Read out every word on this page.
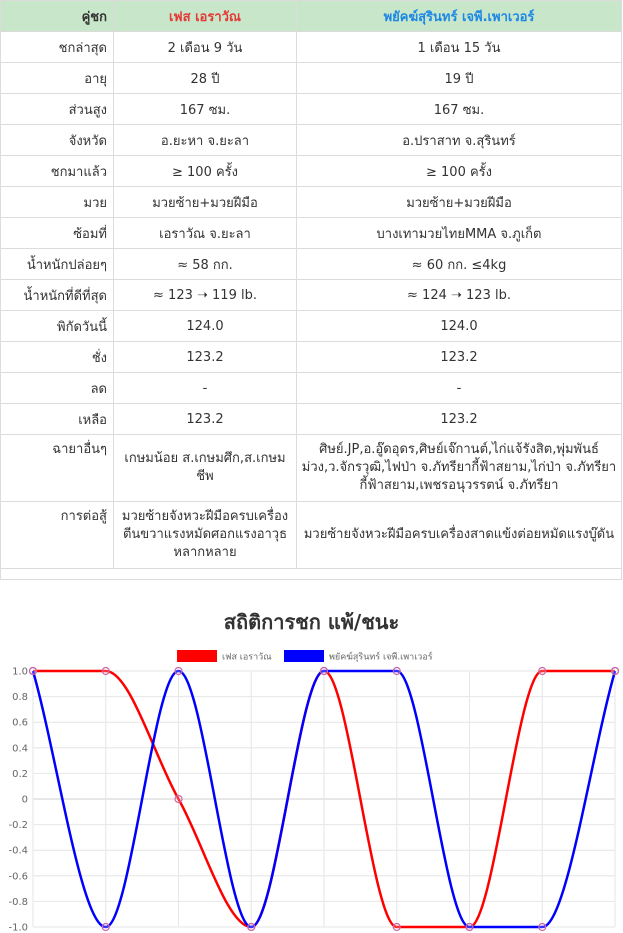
คู่ชก	เฟส เอราวัณ	พยัคฆ์สุรินทร์ เจพี.เพาเวอร์
ชกล่าสุด	2 เดือน 9 วัน	1 เดือน 15 วัน
อายุ	28 ปี	19 ปี
ส่วนสูง	167 ซม.	167 ซม.
จังหวัด	อ.ยะหา จ.ยะลา	อ.ปราสาท จ.สุรินทร์
ชกมาแล้ว	≥ 100 ครั้ง	≥ 100 ครั้ง
มวย	มวยซ้าย+มวยฝีมือ	มวยซ้าย+มวยฝีมือ
ซ้อมที่	เอราวัณ จ.ยะลา	บางเทามวยไทยMMA จ.ภูเก็ต
น้ำหนักปล่อยๆ	≈ 58 กก.	≈ 60 กก. ≤4kg
น้ำหนักที่ดีที่สุด	≈ 123 ➝ 119 lb.	≈ 124 ➝ 123 lb.
พิกัดวันนี้	124.0	124.0
ชั่ง	123.2	123.2
ลด	-	-
เหลือ	123.2	123.2
ฉายาอื่นๆ	เกษมน้อย ส.เกษมศึก,ส.เกษมชีพ	ศิษย์.JP,อ.อู๊ดอุดร,ศิษย์เจ๊กานต์,ไก่แจ้รังสิต,พุ่มพันธ์ม่วง,ว.จักรวุฒิ,ไฟป่า จ.ภัทรียากี้ฟ้าสยาม,ไก่ป่า จ.ภัทรียากี้ฟ้าสยาม,เพชรอนุวรรตน์ จ.ภัทรียา
การต่อสู้	มวยซ้ายจังหวะฝีมือครบเครื่อง ตีนขวาแรงหมัดศอกแรงอาวุธหลากหลาย	มวยซ้ายจังหวะฝีมือครบเครื่องสาดแข้งต่อยหมัดแรงบู๊ดัน

สถิติการชก แพ้/ชนะ
1.0
0.8
0.6
0.4
0.2
0
-0.2
-0.4
-0.6
-0.8
-1.0
เฟส เอราวัณ	พยัคฆ์สุรินทร์ เจพี.เพาเวอร์
